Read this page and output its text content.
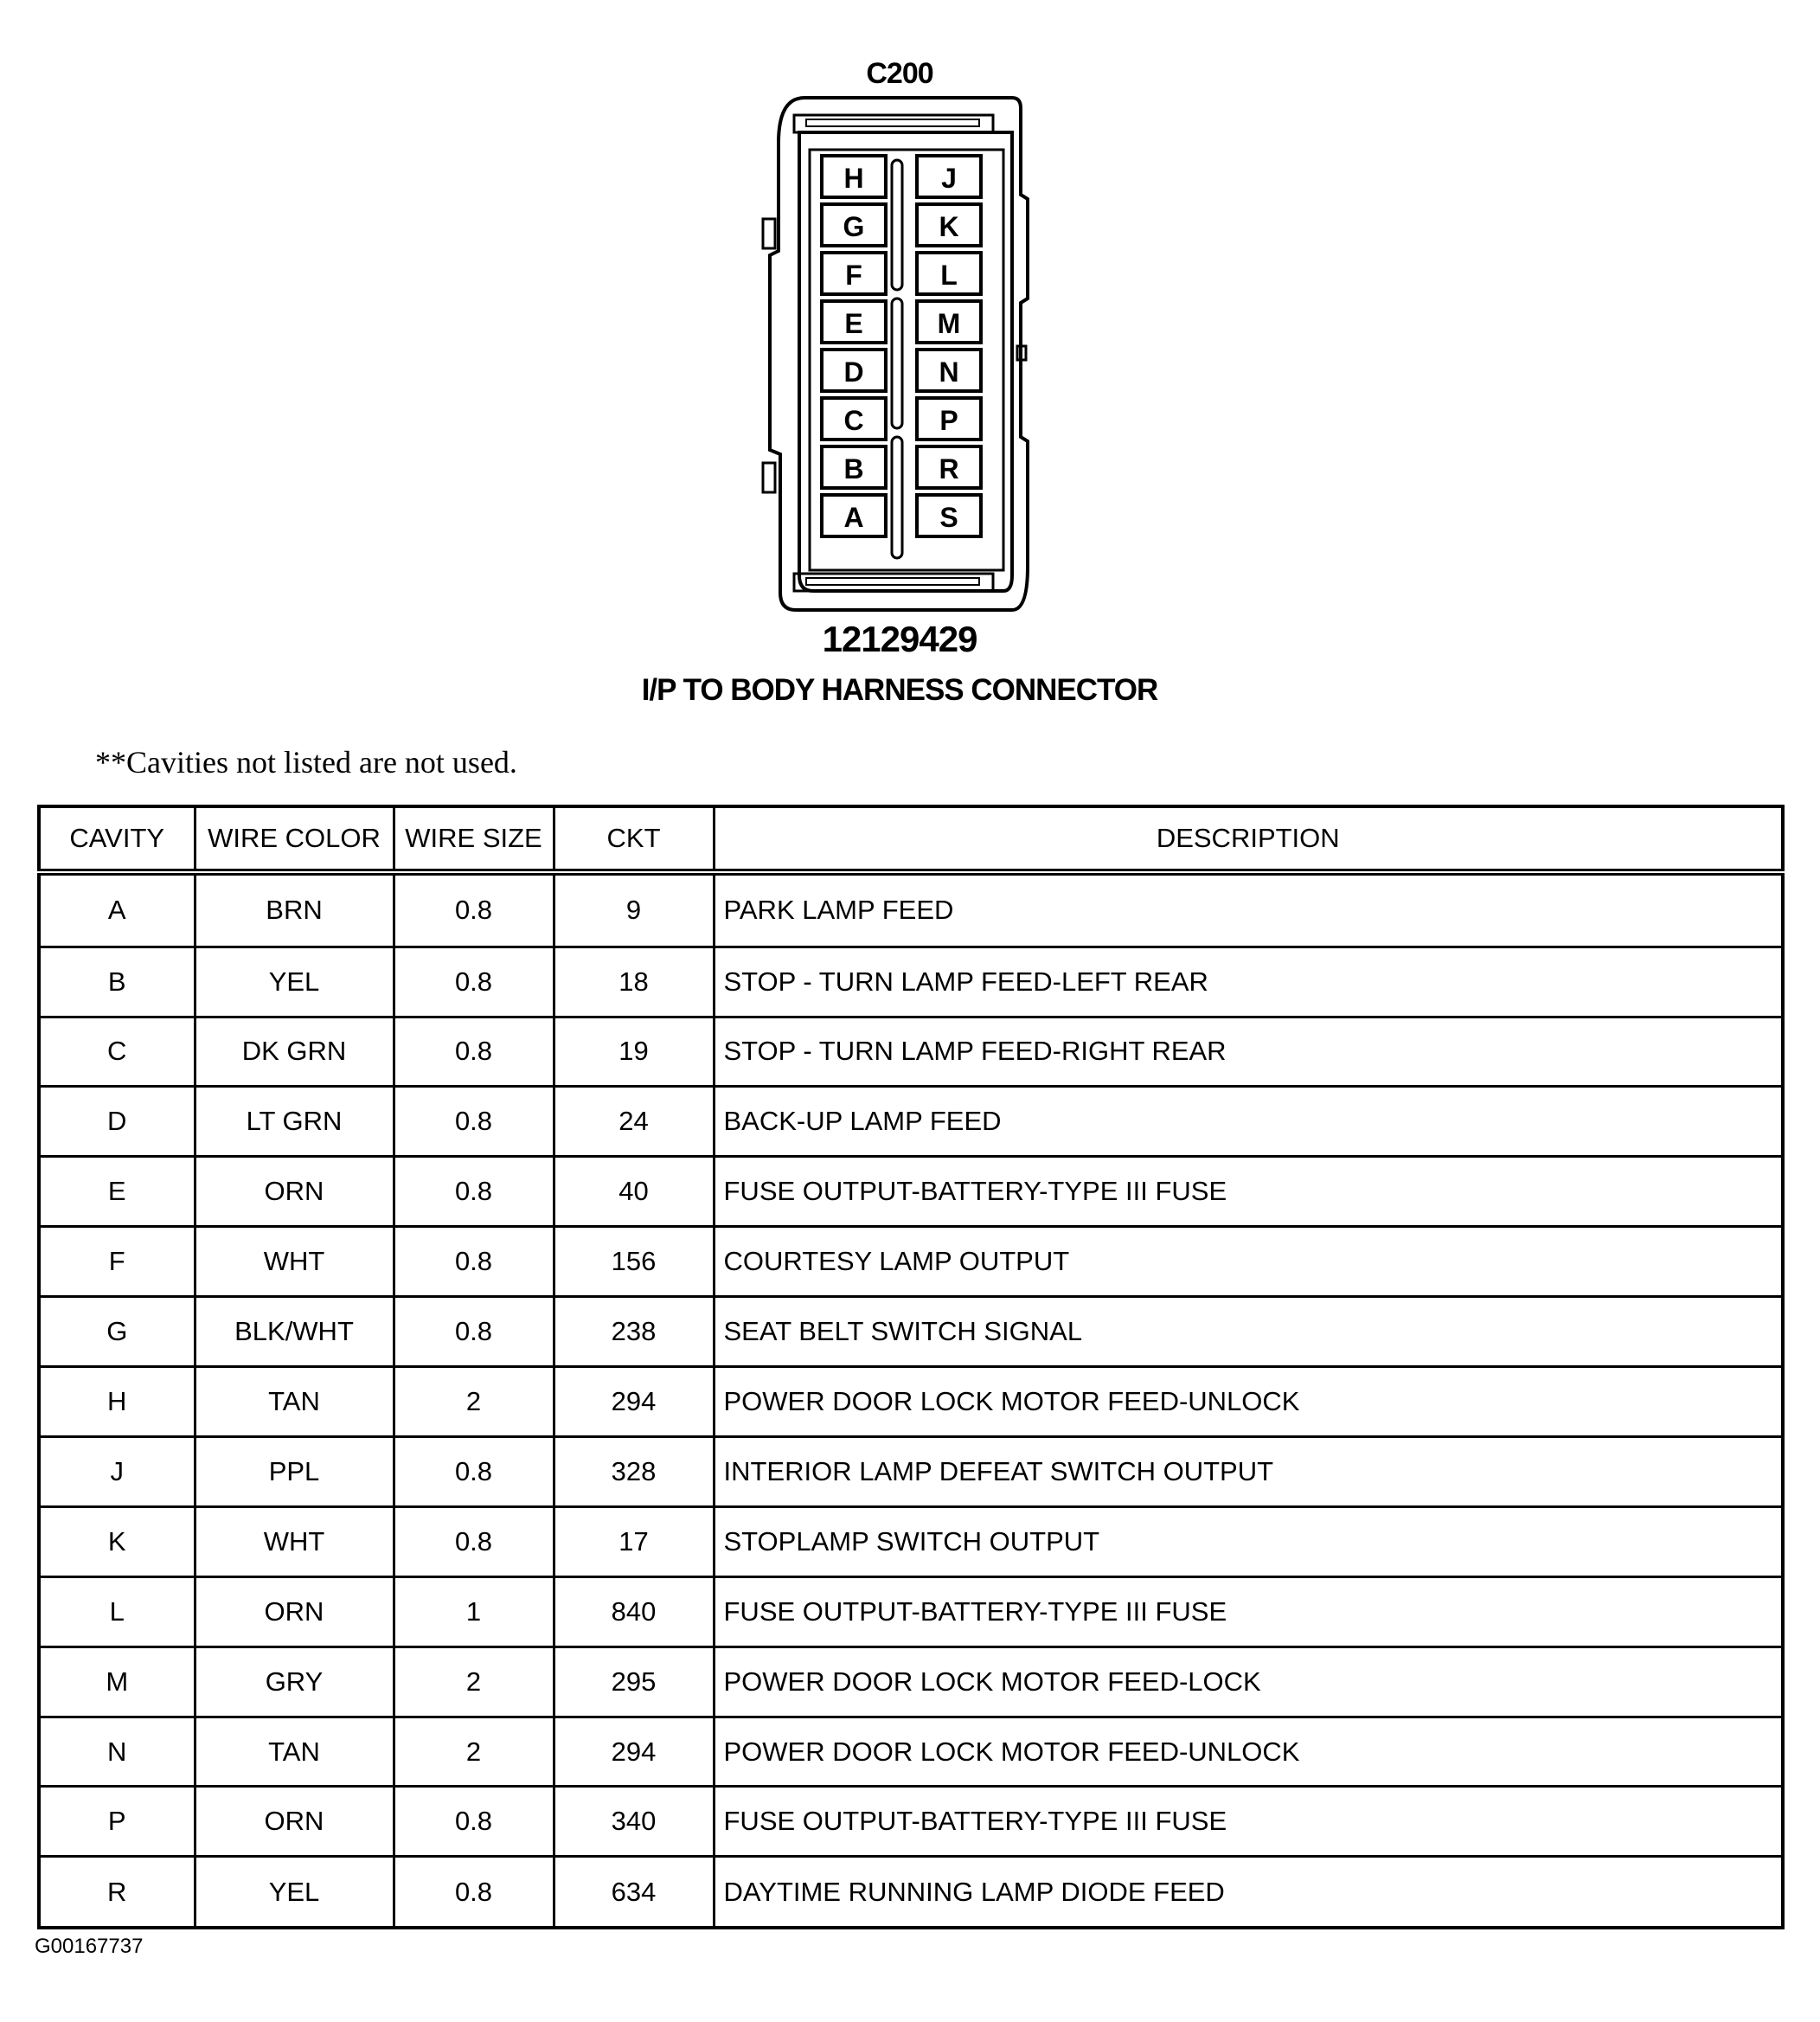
C200
H
G
F
E
D
C
B
A
J
K
L
M
N
P
R
S
12129429
I/P TO BODY HARNESS CONNECTOR
**Cavities not listed are not used.
CAVITY	WIRE COLOR	WIRE SIZE	CKT	DESCRIPTION
A	BRN	0.8	9	PARK LAMP FEED
B	YEL	0.8	18	STOP - TURN LAMP FEED-LEFT REAR
C	DK GRN	0.8	19	STOP - TURN LAMP FEED-RIGHT REAR
D	LT GRN	0.8	24	BACK-UP LAMP FEED
E	ORN	0.8	40	FUSE OUTPUT-BATTERY-TYPE III FUSE
F	WHT	0.8	156	COURTESY LAMP OUTPUT
G	BLK/WHT	0.8	238	SEAT BELT SWITCH SIGNAL
H	TAN	2	294	POWER DOOR LOCK MOTOR FEED-UNLOCK
J	PPL	0.8	328	INTERIOR LAMP DEFEAT SWITCH OUTPUT
K	WHT	0.8	17	STOPLAMP SWITCH OUTPUT
L	ORN	1	840	FUSE OUTPUT-BATTERY-TYPE III FUSE
M	GRY	2	295	POWER DOOR LOCK MOTOR FEED-LOCK
N	TAN	2	294	POWER DOOR LOCK MOTOR FEED-UNLOCK
P	ORN	0.8	340	FUSE OUTPUT-BATTERY-TYPE III FUSE
R	YEL	0.8	634	DAYTIME RUNNING LAMP DIODE FEED
G00167737
